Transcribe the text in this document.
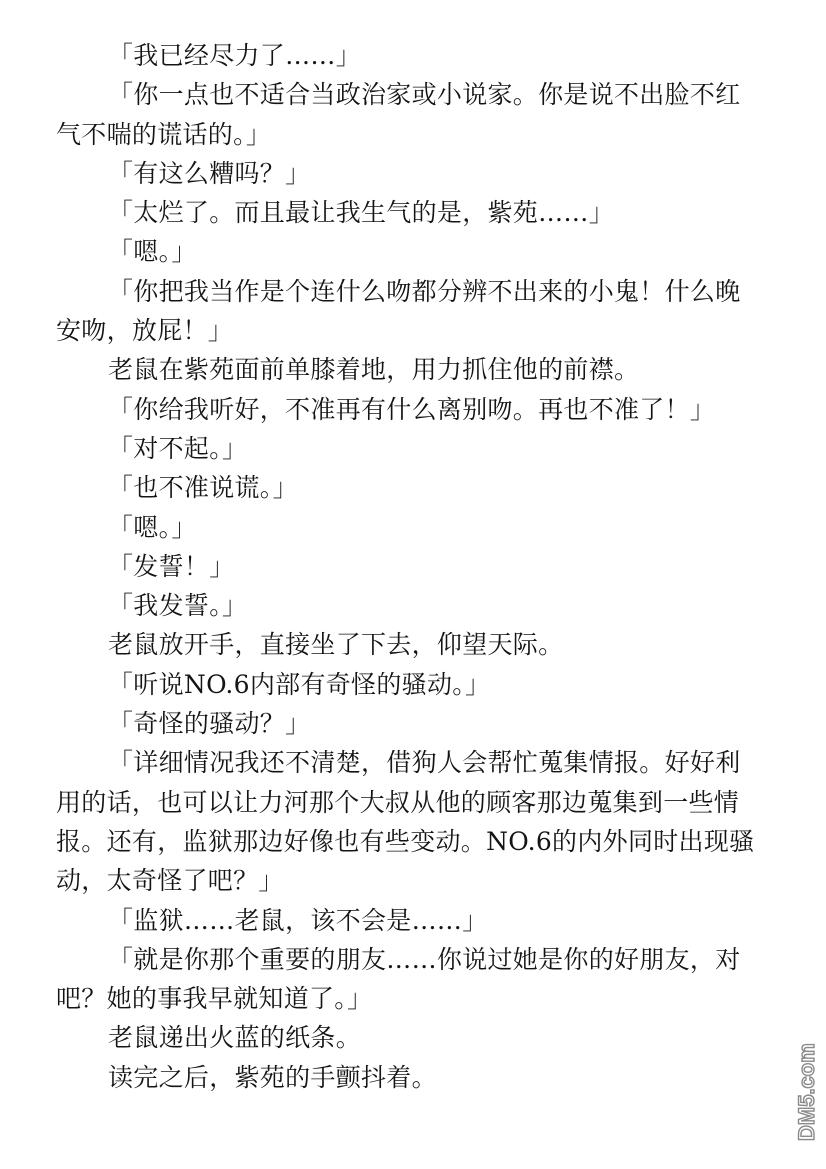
「我已经尽力了……」

「你一点也不适合当政治家或小说家。你是说不出脸不红气不喘的谎话的。」

「有这么糟吗？」

「太烂了。而且最让我生气的是，紫苑……」

「嗯。」

「你把我当作是个连什么吻都分辨不出来的小鬼！什么晚安吻，放屁！」

老鼠在紫苑面前单膝着地，用力抓住他的前襟。

「你给我听好，不准再有什么离别吻。再也不准了！」

「对不起。」

「也不准说谎。」

「嗯。」

「发誓！」

「我发誓。」

老鼠放开手，直接坐了下去，仰望天际。

「听说NO.6内部有奇怪的骚动。」

「奇怪的骚动？」

「详细情况我还不清楚，借狗人会帮忙蒐集情报。好好利用的话，也可以让力河那个大叔从他的顾客那边蒐集到一些情报。还有，监狱那边好像也有些变动。NO.6的内外同时出现骚动，太奇怪了吧？」

「监狱……老鼠，该不会是……」

「就是你那个重要的朋友……你说过她是你的好朋友，对吧？她的事我早就知道了。」

老鼠递出火蓝的纸条。

读完之后，紫苑的手颤抖着。	DM5.com
